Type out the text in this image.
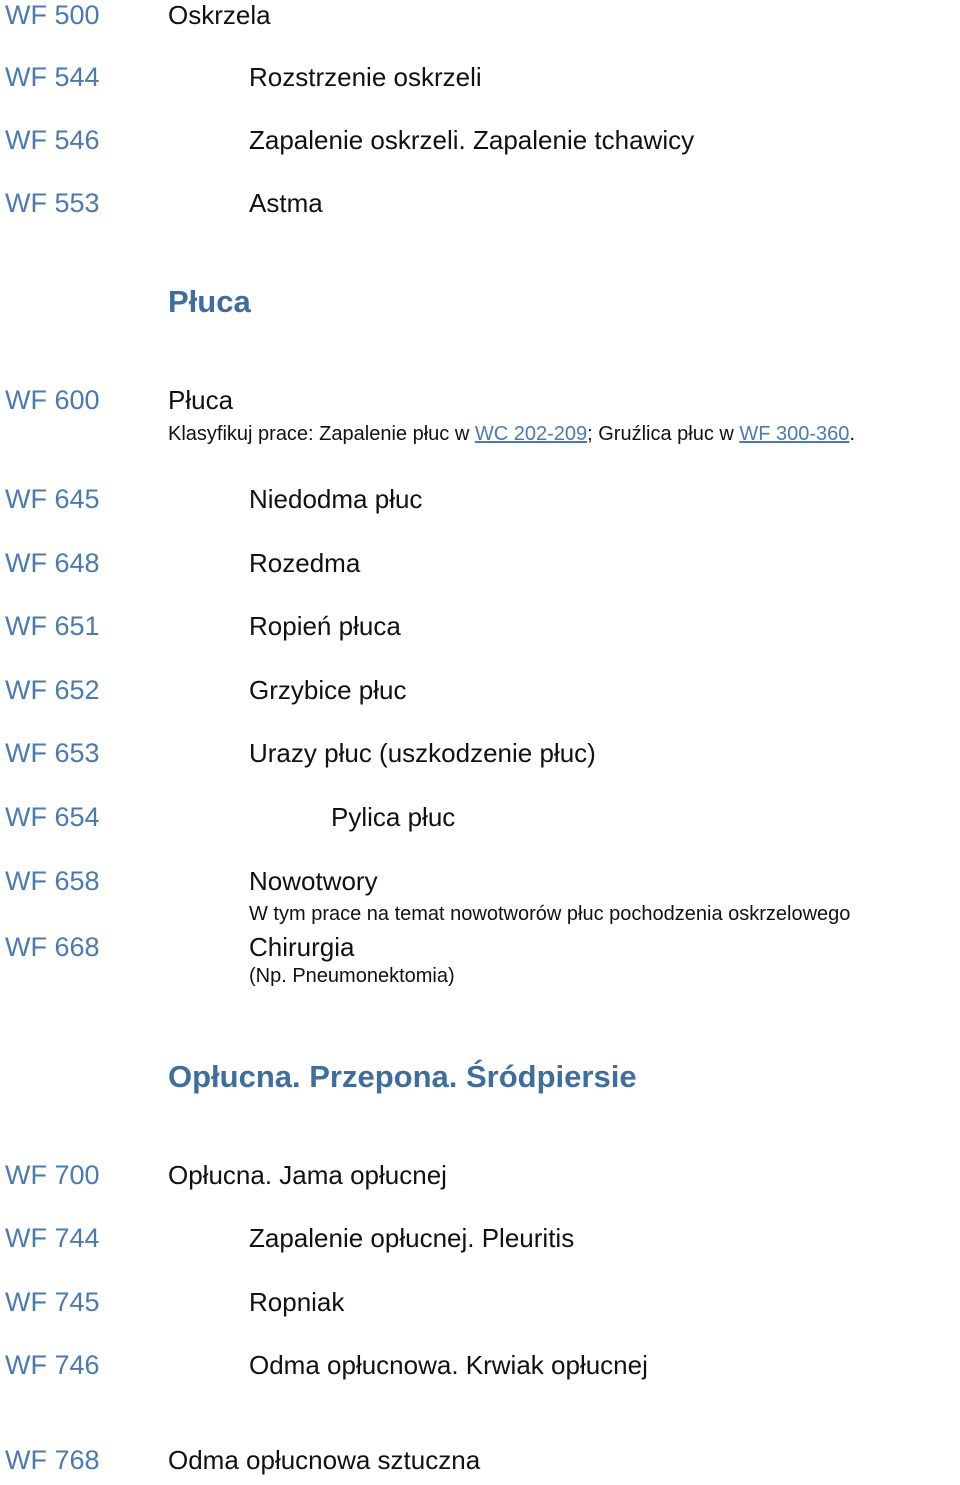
WF 500	Oskrzela
WF 544	Rozstrzenie oskrzeli
WF 546	Zapalenie oskrzeli. Zapalenie tchawicy
WF 553	Astma
Płuca
WF 600	Płuca
Klasyfikuj prace: Zapalenie płuc w WC 202-209; Gruźlica płuc w WF 300-360.
WF 645	Niedodma płuc
WF 648	Rozedma
WF 651	Ropień płuca
WF 652	Grzybice płuc
WF 653	Urazy płuc (uszkodzenie płuc)
WF 654	Pylica płuc
WF 658	Nowotwory
W tym prace na temat nowotworów płuc pochodzenia oskrzelowego
WF 668	Chirurgia
(Np. Pneumonektomia)
Opłucna. Przepona. Śródpiersie
WF 700	Opłucna. Jama opłucnej
WF 744	Zapalenie opłucnej. Pleuritis
WF 745	Ropniak
WF 746	Odma opłucnowa. Krwiak opłucnej
WF 768	Odma opłucnowa sztuczna
